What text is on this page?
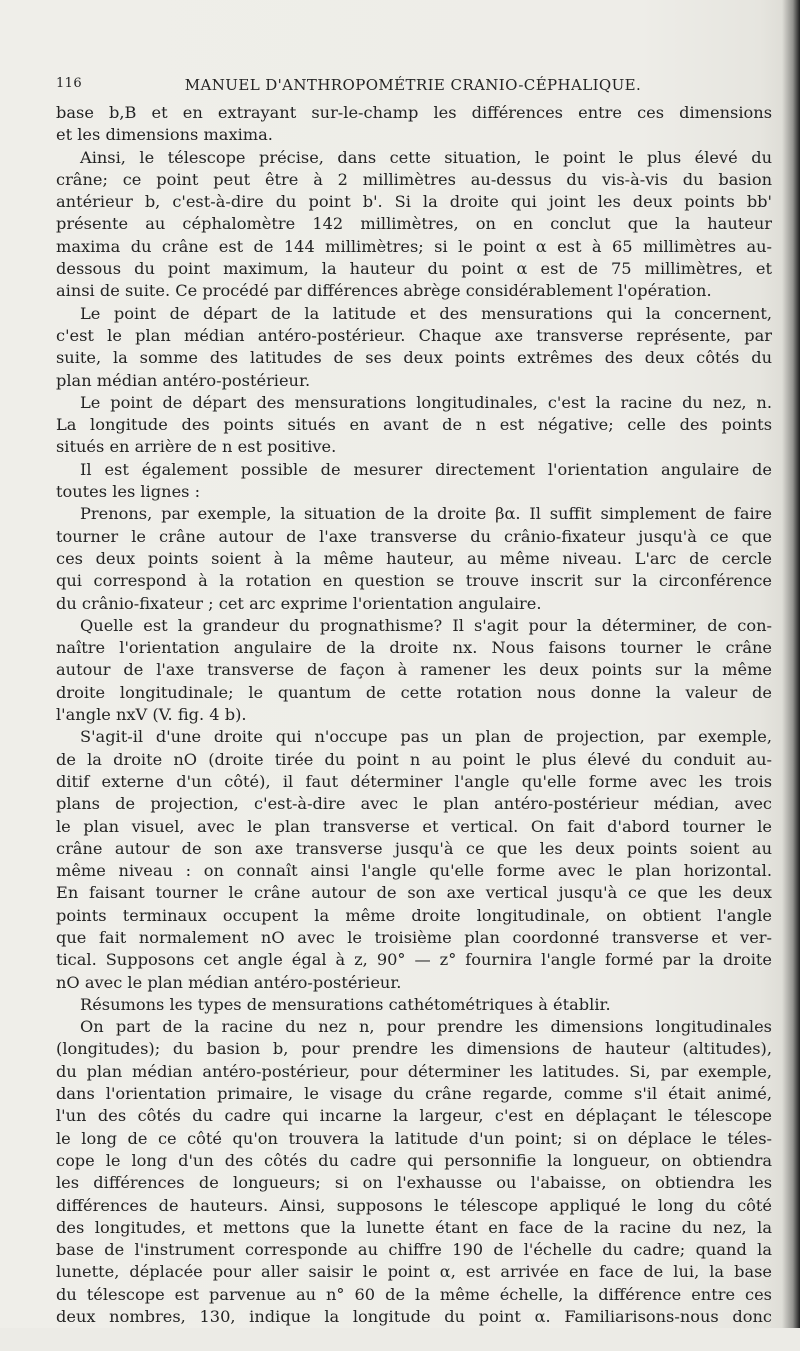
116	MANUEL D'ANTHROPOMÉTRIE CRANIO-CÉPHALIQUE.
base b,B et en extrayant sur-le-champ les différences entre ces dimensions
et les dimensions maxima.
Ainsi, le télescope précise, dans cette situation, le point le plus élevé du
crâne; ce point peut être à 2 millimètres au-dessus du vis-à-vis du basion
antérieur b, c'est-à-dire du point b'. Si la droite qui joint les deux points bb'
présente au céphalomètre 142 millimètres, on en conclut que la hauteur
maxima du crâne est de 144 millimètres; si le point α est à 65 millimètres au-
dessous du point maximum, la hauteur du point α est de 75 millimètres, et
ainsi de suite. Ce procédé par différences abrège considérablement l'opération.
Le point de départ de la latitude et des mensurations qui la concernent,
c'est le plan médian antéro-postérieur. Chaque axe transverse représente, par
suite, la somme des latitudes de ses deux points extrêmes des deux côtés du
plan médian antéro-postérieur.
Le point de départ des mensurations longitudinales, c'est la racine du nez, n.
La longitude des points situés en avant de n est négative; celle des points
situés en arrière de n est positive.
Il est également possible de mesurer directement l'orientation angulaire de
toutes les lignes :
Prenons, par exemple, la situation de la droite βα. Il suffit simplement de faire
tourner le crâne autour de l'axe transverse du crânio-fixateur jusqu'à ce que
ces deux points soient à la même hauteur, au même niveau. L'arc de cercle
qui correspond à la rotation en question se trouve inscrit sur la circonférence
du crânio-fixateur ; cet arc exprime l'orientation angulaire.
Quelle est la grandeur du prognathisme? Il s'agit pour la déterminer, de con-
naître l'orientation angulaire de la droite nx. Nous faisons tourner le crâne
autour de l'axe transverse de façon à ramener les deux points sur la même
droite longitudinale; le quantum de cette rotation nous donne la valeur de
l'angle nxV (V. fig. 4 b).
S'agit-il d'une droite qui n'occupe pas un plan de projection, par exemple,
de la droite nO (droite tirée du point n au point le plus élevé du conduit au-
ditif externe d'un côté), il faut déterminer l'angle qu'elle forme avec les trois
plans de projection, c'est-à-dire avec le plan antéro-postérieur médian, avec
le plan visuel, avec le plan transverse et vertical. On fait d'abord tourner le
crâne autour de son axe transverse jusqu'à ce que les deux points soient au
même niveau : on connaît ainsi l'angle qu'elle forme avec le plan horizontal.
En faisant tourner le crâne autour de son axe vertical jusqu'à ce que les deux
points terminaux occupent la même droite longitudinale, on obtient l'angle
que fait normalement nO avec le troisième plan coordonné transverse et ver-
tical. Supposons cet angle égal à z, 90° — z° fournira l'angle formé par la droite
nO avec le plan médian antéro-postérieur.
Résumons les types de mensurations cathétométriques à établir.
On part de la racine du nez n, pour prendre les dimensions longitudinales
(longitudes); du basion b, pour prendre les dimensions de hauteur (altitudes),
du plan médian antéro-postérieur, pour déterminer les latitudes. Si, par exemple,
dans l'orientation primaire, le visage du crâne regarde, comme s'il était animé,
l'un des côtés du cadre qui incarne la largeur, c'est en déplaçant le télescope
le long de ce côté qu'on trouvera la latitude d'un point; si on déplace le téles-
cope le long d'un des côtés du cadre qui personnifie la longueur, on obtiendra
les différences de longueurs; si on l'exhausse ou l'abaisse, on obtiendra les
différences de hauteurs. Ainsi, supposons le télescope appliqué le long du côté
des longitudes, et mettons que la lunette étant en face de la racine du nez, la
base de l'instrument corresponde au chiffre 190 de l'échelle du cadre; quand la
lunette, déplacée pour aller saisir le point α, est arrivée en face de lui, la base
du télescope est parvenue au n° 60 de la même échelle, la différence entre ces
deux nombres, 130, indique la longitude du point α. Familiarisons-nous donc
